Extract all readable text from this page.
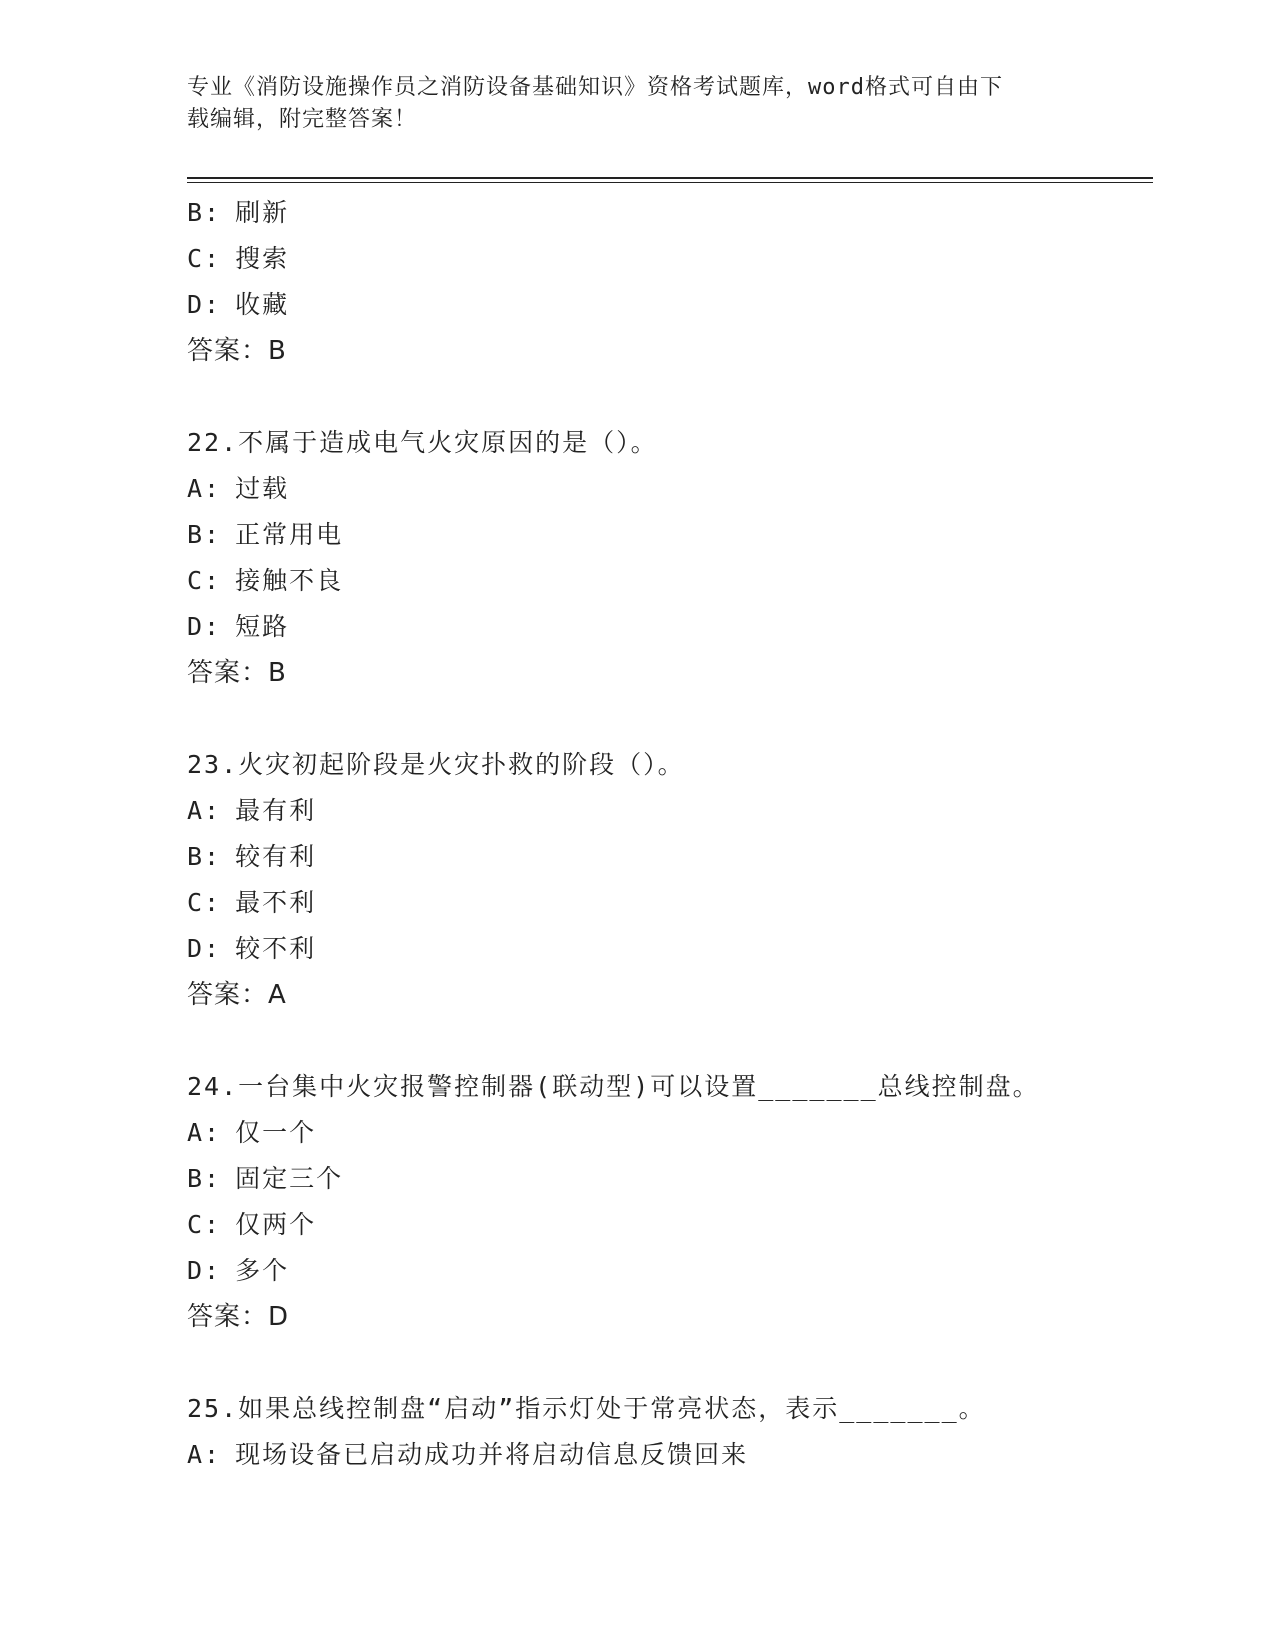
专业《消防设施操作员之消防设备基础知识》资格考试题库，word格式可自由下
载编辑，附完整答案！
B: 刷新
C: 搜索
D: 收藏
答案：B
22.不属于造成电气火灾原因的是（）。
A: 过载
B: 正常用电
C: 接触不良
D: 短路
答案：B
23.火灾初起阶段是火灾扑救的阶段（）。
A: 最有利
B: 较有利
C: 最不利
D: 较不利
答案：A
24.一台集中火灾报警控制器(联动型)可以设置_______总线控制盘。
A: 仅一个
B: 固定三个
C: 仅两个
D: 多个
答案：D
25.如果总线控制盘“启动”指示灯处于常亮状态，表示_______。
A: 现场设备已启动成功并将启动信息反馈回来
